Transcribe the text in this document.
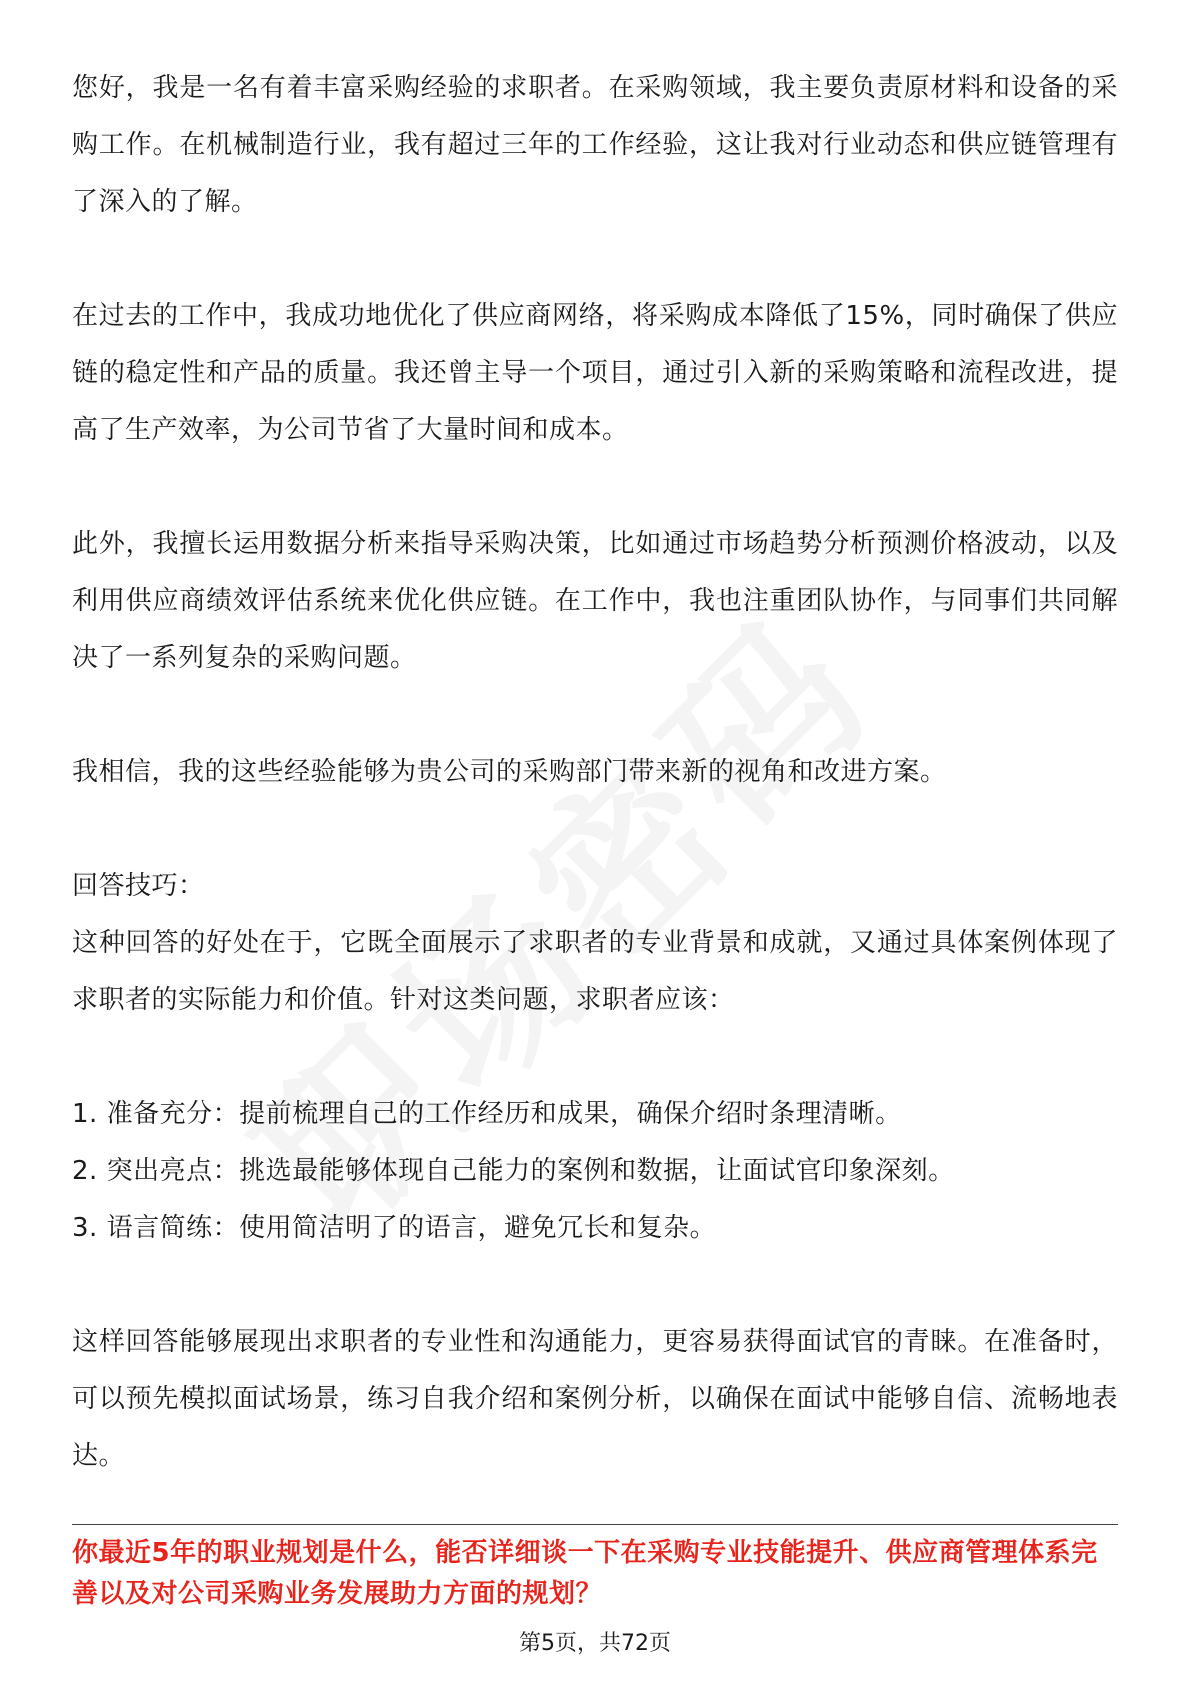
您好，我是一名有着丰富采购经验的求职者。在采购领域，我主要负责原材料和设备的采购工作。在机械制造行业，我有超过三年的工作经验，这让我对行业动态和供应链管理有了深入的了解。

在过去的工作中，我成功地优化了供应商网络，将采购成本降低了15%，同时确保了供应链的稳定性和产品的质量。我还曾主导一个项目，通过引入新的采购策略和流程改进，提高了生产效率，为公司节省了大量时间和成本。

此外，我擅长运用数据分析来指导采购决策，比如通过市场趋势分析预测价格波动，以及利用供应商绩效评估系统来优化供应链。在工作中，我也注重团队协作，与同事们共同解决了一系列复杂的采购问题。

我相信，我的这些经验能够为贵公司的采购部门带来新的视角和改进方案。

回答技巧：

这种回答的好处在于，它既全面展示了求职者的专业背景和成就，又通过具体案例体现了求职者的实际能力和价值。针对这类问题，求职者应该：

1. 准备充分：提前梳理自己的工作经历和成果，确保介绍时条理清晰。

2. 突出亮点：挑选最能够体现自己能力的案例和数据，让面试官印象深刻。

3. 语言简练：使用简洁明了的语言，避免冗长和复杂。

这样回答能够展现出求职者的专业性和沟通能力，更容易获得面试官的青睐。在准备时，可以预先模拟面试场景，练习自我介绍和案例分析，以确保在面试中能够自信、流畅地表达。

你最近5年的职业规划是什么，能否详细谈一下在采购专业技能提升、供应商管理体系完善以及对公司采购业务发展助力方面的规划？
第5页，共72页
